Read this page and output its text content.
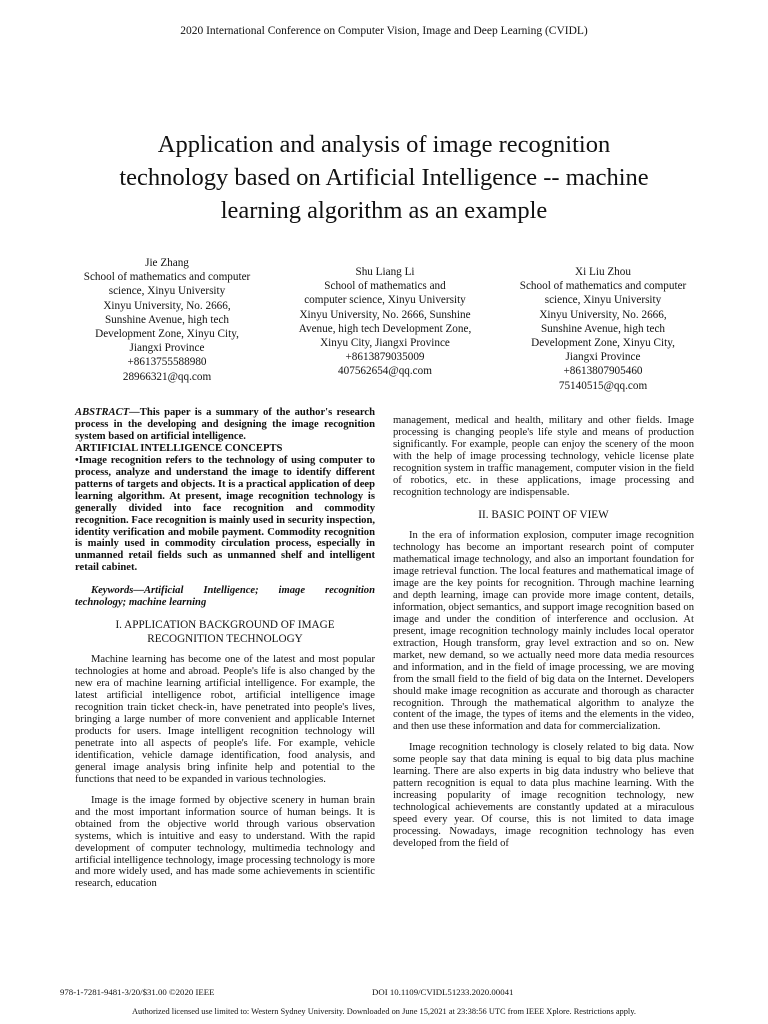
2020 International Conference on Computer Vision, Image and Deep Learning (CVIDL)
Application and analysis of image recognition
technology based on Artificial Intelligence -- machine
learning algorithm as an example
Jie Zhang
School of mathematics and computer
science, Xinyu University
Xinyu University, No. 2666,
Sunshine Avenue, high tech
Development Zone, Xinyu City,
Jiangxi Province
+8613755588980
28966321@qq.com
Shu Liang Li
School of mathematics and
computer science, Xinyu University
Xinyu University, No. 2666, Sunshine
Avenue, high tech Development Zone,
Xinyu City, Jiangxi Province
+8613879035009
407562654@qq.com
Xi Liu Zhou
School of mathematics and computer
science, Xinyu University
Xinyu University, No. 2666,
Sunshine Avenue, high tech
Development Zone, Xinyu City,
Jiangxi Province
+8613807905460
75140515@qq.com

ABSTRACT—This paper is a summary of the author's research process in the developing and designing the image recognition system based on artificial intelligence.

ARTIFICIAL INTELLIGENCE CONCEPTS

•Image recognition refers to the technology of using computer to process, analyze and understand the image to identify different patterns of targets and objects. It is a practical application of deep learning algorithm. At present, image recognition technology is generally divided into face recognition and commodity recognition. Face recognition is mainly used in security inspection, identity verification and mobile payment. Commodity recognition is mainly used in commodity circulation process, especially in unmanned retail fields such as unmanned shelf and intelligent retail cabinet.

Keywords—Artificial Intelligence; image recognition technology; machine learning

I. APPLICATION BACKGROUND OF IMAGE
RECOGNITION TECHNOLOGY

Machine learning has become one of the latest and most popular technologies at home and abroad. People's life is also changed by the new era of machine learning artificial intelligence. For example, the latest artificial intelligence robot, artificial intelligence image recognition train ticket check-in, have penetrated into people's lives, bringing a large number of more convenient and applicable Internet products for users. Image intelligent recognition technology will penetrate into all aspects of people's life. For example, vehicle identification, vehicle damage identification, food analysis, and general image analysis bring infinite help and potential to the functions that need to be expanded in various technologies.

Image is the image formed by objective scenery in human brain and the most important information source of human beings. It is obtained from the objective world through various observation systems, which is intuitive and easy to understand. With the rapid development of computer technology, multimedia technology and artificial intelligence technology, image processing technology is more and more widely used, and has made some achievements in scientific research, education

management, medical and health, military and other fields. Image processing is changing people's life style and means of production significantly. For example, people can enjoy the scenery of the moon with the help of image processing technology, vehicle license plate recognition system in traffic management, computer vision in the field of robotics, etc. in these applications, image processing and recognition technology are indispensable.

II. BASIC POINT OF VIEW

In the era of information explosion, computer image recognition technology has become an important research point of computer mathematical image technology, and also an important foundation for image retrieval function. The local features and mathematical image of image are the key points for recognition. Through machine learning and depth learning, image can provide more image content, details, information, object semantics, and support image recognition based on image and under the condition of interference and occlusion. At present, image recognition technology mainly includes local operator extraction, Hough transform, gray level extraction and so on. New market, new demand, so we actually need more data media resources and information, and in the field of image processing, we are moving from the small field to the field of big data on the Internet. Developers should make image recognition as accurate and thorough as character recognition. Through the mathematical algorithm to analyze the content of the image, the types of items and the elements in the video, and then use these information and data for commercialization.

Image recognition technology is closely related to big data. Now some people say that data mining is equal to big data plus machine learning. There are also experts in big data industry who believe that pattern recognition is equal to data plus machine learning. With the increasing popularity of image recognition technology, new technological achievements are constantly updated at a miraculous speed every year. Of course, this is not limited to data image processing. Nowadays, image recognition technology has even developed from the field of

978-1-7281-9481-3/20/$31.00 ©2020 IEEE	DOI 10.1109/CVIDL51233.2020.00041
Authorized licensed use limited to: Western Sydney University. Downloaded on June 15,2021 at 23:38:56 UTC from IEEE Xplore. Restrictions apply.
